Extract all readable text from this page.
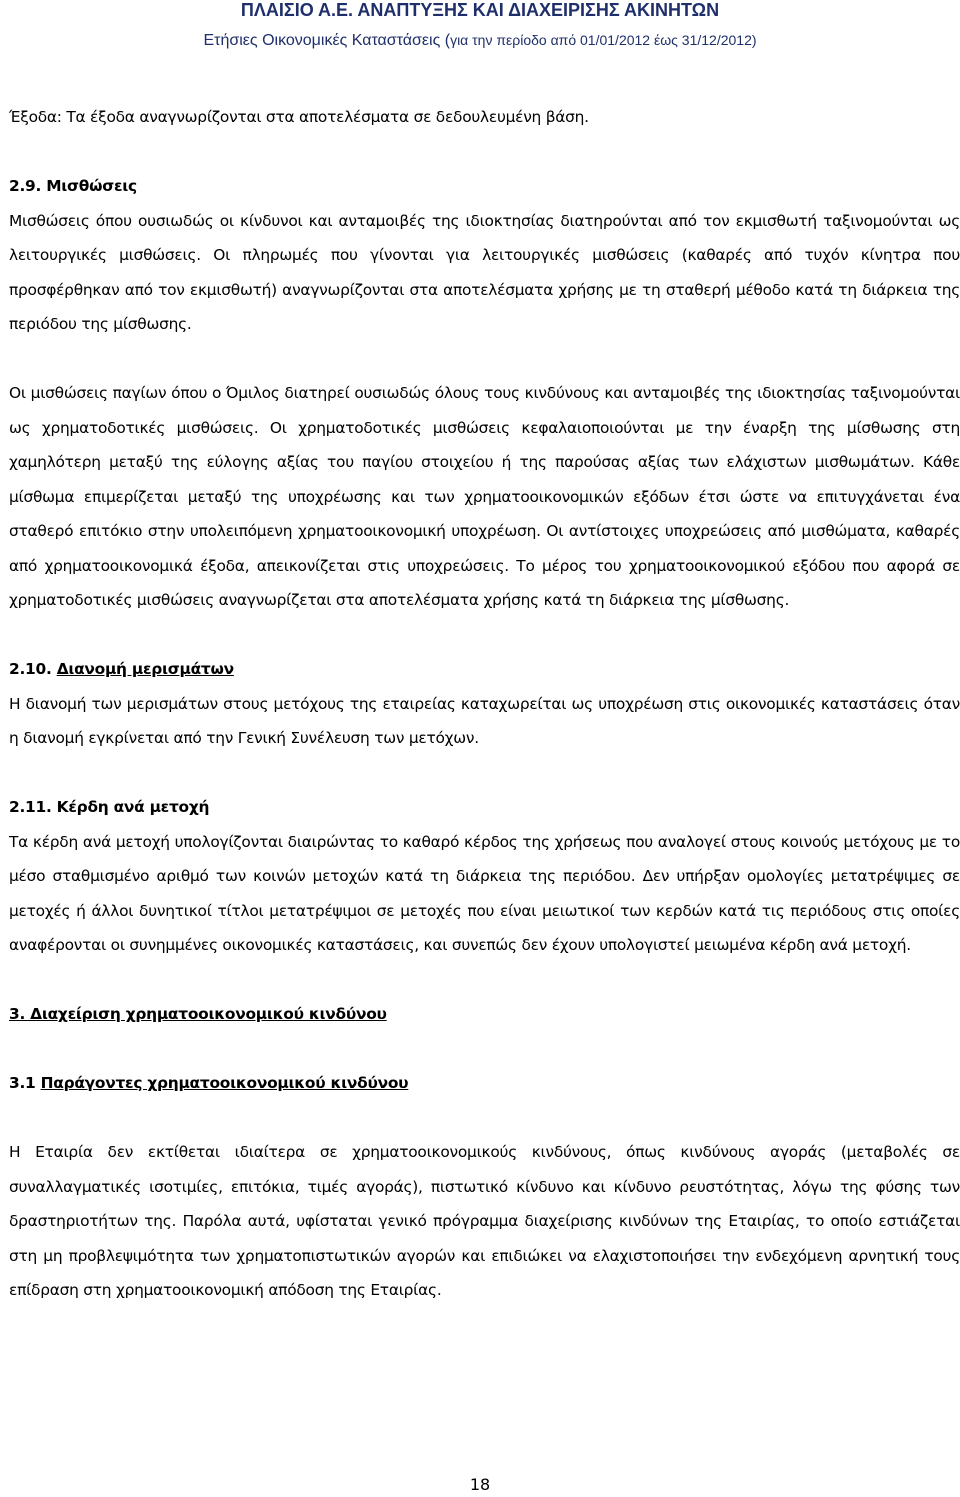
ΠΛΑΙΣΙΟ Α.Ε. ΑΝΑΠΤΥΞΗΣ ΚΑΙ ΔΙΑΧΕΙΡΙΣΗΣ ΑΚΙΝΗΤΩΝ
Ετήσιες Οικονομικές Καταστάσεις (για την περίοδο από 01/01/2012 έως 31/12/2012)

Έξοδα: Τα έξοδα αναγνωρίζονται στα αποτελέσματα σε δεδουλευμένη βάση.

2.9. Μισθώσεις

Μισθώσεις όπου ουσιωδώς οι κίνδυνοι και ανταμοιβές της ιδιοκτησίας διατηρούνται από τον εκμισθωτή ταξινομούνται ως λειτουργικές μισθώσεις. Οι πληρωμές που γίνονται για λειτουργικές μισθώσεις (καθαρές από τυχόν κίνητρα που προσφέρθηκαν από τον εκμισθωτή) αναγνωρίζονται στα αποτελέσματα χρήσης με τη σταθερή μέθοδο κατά τη διάρκεια της περιόδου της μίσθωσης.

Οι μισθώσεις παγίων όπου ο Όμιλος διατηρεί ουσιωδώς όλους τους κινδύνους και ανταμοιβές της ιδιοκτησίας ταξινομούνται ως χρηματοδοτικές μισθώσεις. Οι χρηματοδοτικές μισθώσεις κεφαλαιοποιούνται με την έναρξη της μίσθωσης στη χαμηλότερη μεταξύ της εύλογης αξίας του παγίου στοιχείου ή της παρούσας αξίας των ελάχιστων μισθωμάτων. Κάθε μίσθωμα επιμερίζεται μεταξύ της υποχρέωσης και των χρηματοοικονομικών εξόδων έτσι ώστε να επιτυγχάνεται ένα σταθερό επιτόκιο στην υπολειπόμενη χρηματοοικονομική υποχρέωση. Οι αντίστοιχες υποχρεώσεις από μισθώματα, καθαρές από χρηματοοικονομικά έξοδα, απεικονίζεται στις υποχρεώσεις. Το μέρος του χρηματοοικονομικού εξόδου που αφορά σε χρηματοδοτικές μισθώσεις αναγνωρίζεται στα αποτελέσματα χρήσης κατά τη διάρκεια της μίσθωσης.

2.10. Διανομή μερισμάτων

Η διανομή των μερισμάτων στους μετόχους της εταιρείας καταχωρείται ως υποχρέωση στις οικονομικές καταστάσεις όταν η διανομή εγκρίνεται από την Γενική Συνέλευση των μετόχων.

2.11. Κέρδη ανά μετοχή

Τα κέρδη ανά μετοχή υπολογίζονται διαιρώντας το καθαρό κέρδος της χρήσεως που αναλογεί στους κοινούς μετόχους με το μέσο σταθμισμένο αριθμό των κοινών μετοχών κατά τη διάρκεια της περιόδου. Δεν υπήρξαν ομολογίες μετατρέψιμες σε μετοχές ή άλλοι δυνητικοί τίτλοι μετατρέψιμοι σε μετοχές που είναι μειωτικοί των κερδών κατά τις περιόδους στις οποίες αναφέρονται οι συνημμένες οικονομικές καταστάσεις, και συνεπώς δεν έχουν υπολογιστεί μειωμένα κέρδη ανά μετοχή.

3. Διαχείριση χρηματοοικονομικού κινδύνου

3.1 Παράγοντες χρηματοοικονομικού κινδύνου

Η Εταιρία δεν εκτίθεται ιδιαίτερα σε χρηματοοικονομικούς κινδύνους, όπως κινδύνους αγοράς (μεταβολές σε συναλλαγματικές ισοτιμίες, επιτόκια, τιμές αγοράς), πιστωτικό κίνδυνο και κίνδυνο ρευστότητας, λόγω της φύσης των δραστηριοτήτων της. Παρόλα αυτά, υφίσταται γενικό πρόγραμμα διαχείρισης κινδύνων της Εταιρίας, το οποίο εστιάζεται στη μη προβλεψιμότητα των χρηματοπιστωτικών αγορών και επιδιώκει να ελαχιστοποιήσει την ενδεχόμενη αρνητική τους επίδραση στη χρηματοοικονομική απόδοση της Εταιρίας.

18
